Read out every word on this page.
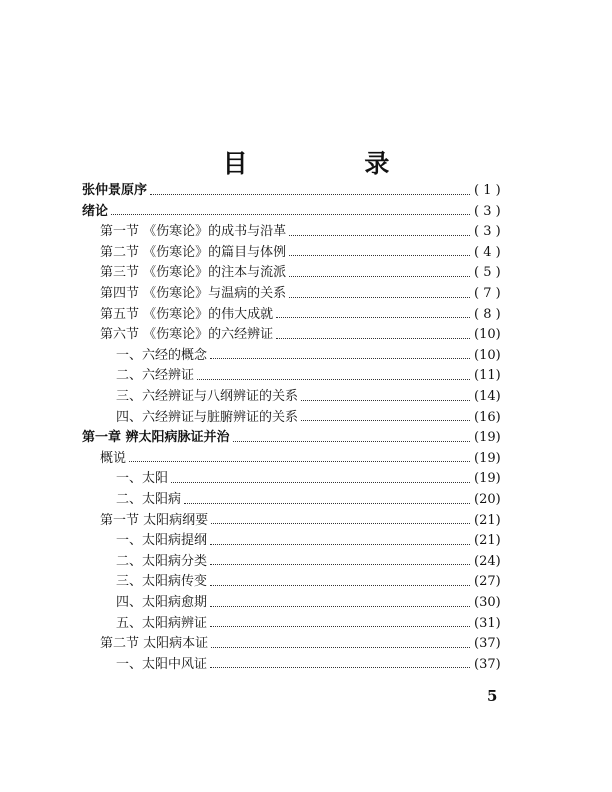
目 录
张仲景原序	( 1 )
绪论	( 3 )
第一节 《伤寒论》的成书与沿革	( 3 )
第二节 《伤寒论》的篇目与体例	( 4 )
第三节 《伤寒论》的注本与流派	( 5 )
第四节 《伤寒论》与温病的关系	( 7 )
第五节 《伤寒论》的伟大成就	( 8 )
第六节 《伤寒论》的六经辨证	(10)
一、六经的概念	(10)
二、六经辨证	(11)
三、六经辨证与八纲辨证的关系	(14)
四、六经辨证与脏腑辨证的关系	(16)
第一章 辨太阳病脉证并治	(19)
概说	(19)
一、太阳	(19)
二、太阳病	(20)
第一节 太阳病纲要	(21)
一、太阳病提纲	(21)
二、太阳病分类	(24)
三、太阳病传变	(27)
四、太阳病愈期	(30)
五、太阳病辨证	(31)
第二节 太阳病本证	(37)
一、太阳中风证	(37)
5
